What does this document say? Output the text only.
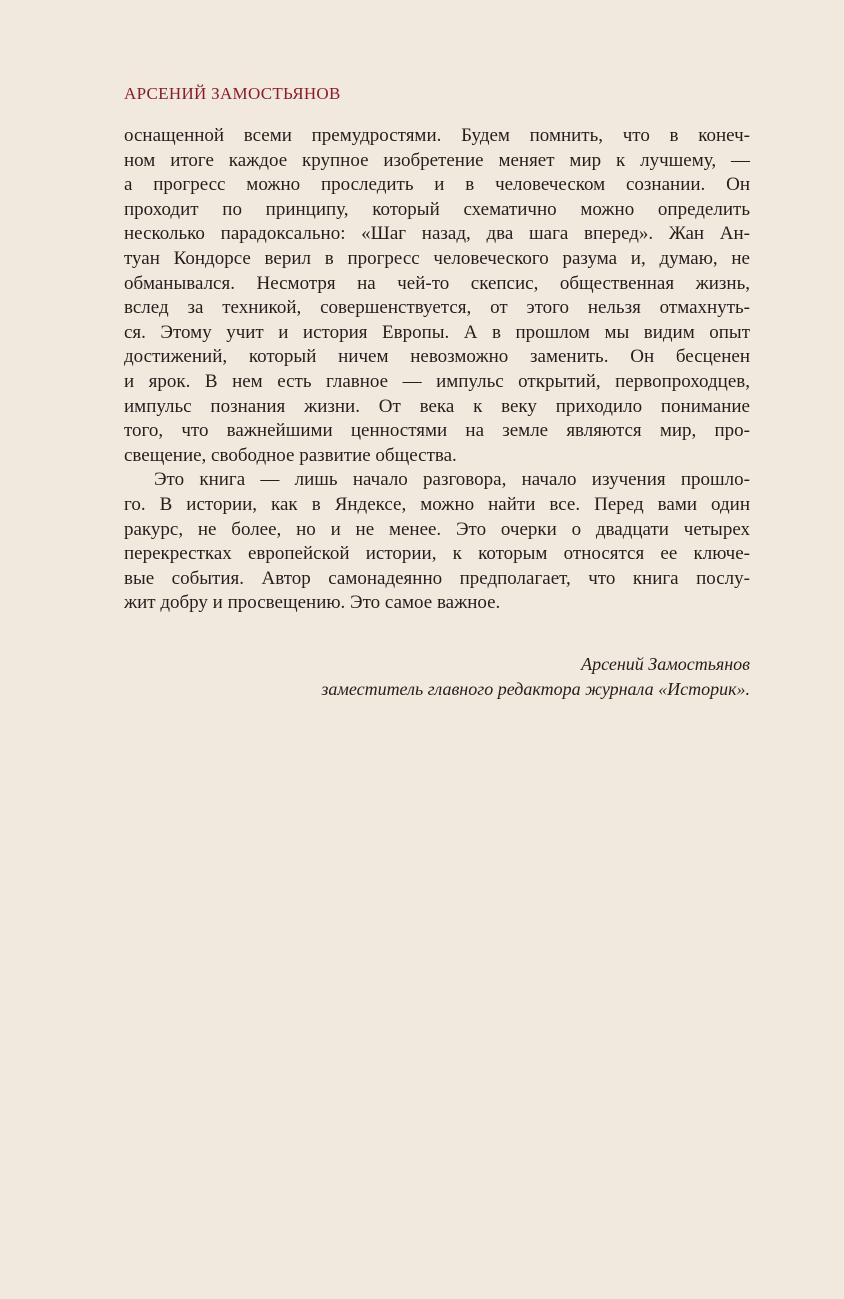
АРСЕНИЙ ЗАМОСТЬЯНОВ
оснащенной всеми премудростями. Будем помнить, что в конеч-
ном итоге каждое крупное изобретение меняет мир к лучшему, —
а прогресс можно проследить и в человеческом сознании. Он
проходит по принципу, который схематично можно определить
несколько парадоксально: «Шаг назад, два шага вперед». Жан Ан-
туан Кондорсе верил в прогресс человеческого разума и, думаю, не
обманывался. Несмотря на чей-то скепсис, общественная жизнь,
вслед за техникой, совершенствуется, от этого нельзя отмахнуть-
ся. Этому учит и история Европы. А в прошлом мы видим опыт
достижений, который ничем невозможно заменить. Он бесценен
и ярок. В нем есть главное — импульс открытий, первопроходцев,
импульс познания жизни. От века к веку приходило понимание
того, что важнейшими ценностями на земле являются мир, про-
свещение, свободное развитие общества.
Это книга — лишь начало разговора, начало изучения прошло-
го. В истории, как в Яндексе, можно найти все. Перед вами один
ракурс, не более, но и не менее. Это очерки о двадцати четырех
перекрестках европейской истории, к которым относятся ее ключе-
вые события. Автор самонадеянно предполагает, что книга послу-
жит добру и просвещению. Это самое важное.
Арсений Замостьянов
заместитель главного редактора журнала «Историк».
